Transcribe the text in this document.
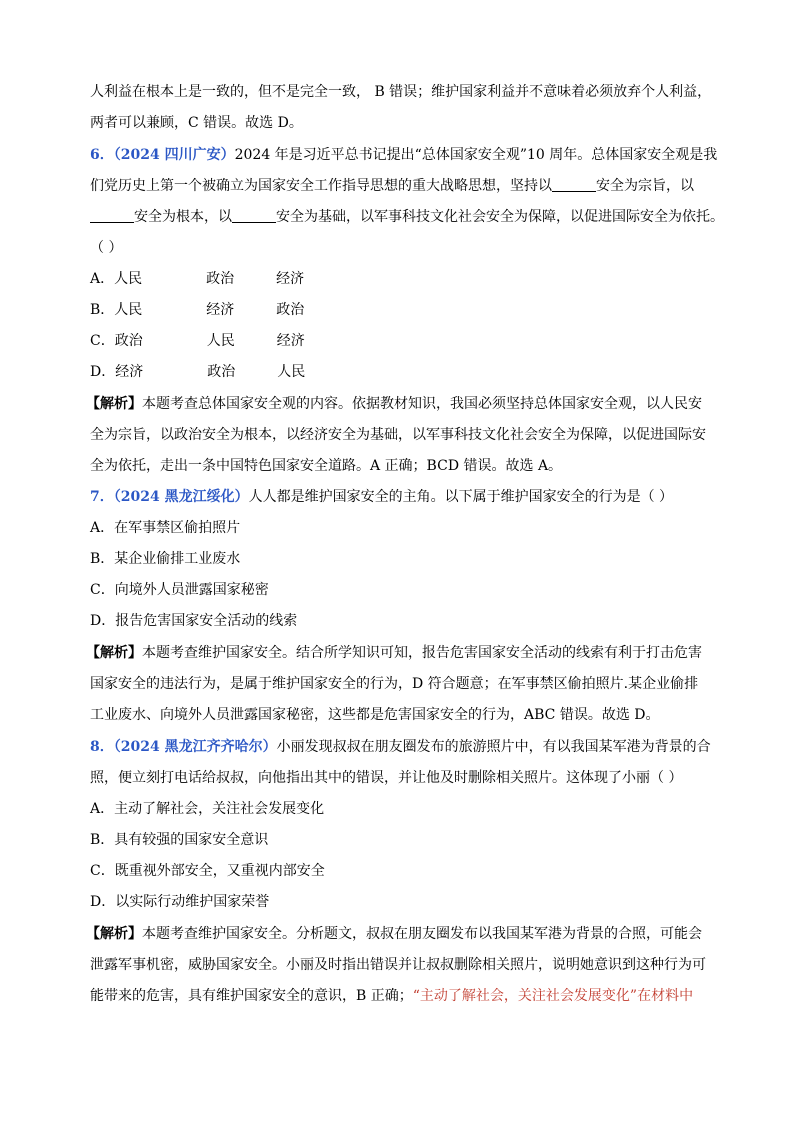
人利益在根本上是一致的，但不是完全一致， B 错误；维护国家利益并不意味着必须放弃个人利益，
两者可以兼顾，C 错误。故选 D。
6．（2024 四川广安）2024 年是习近平总书记提出“总体国家安全观”10 周年。总体国家安全观是我
们党历史上第一个被确立为国家安全工作指导思想的重大战略思想，坚持以	安全为宗旨，以
安全为根本，以	安全为基础，以军事科技文化社会安全为保障，以促进国际安全为依托。
（ ）
A．人民	政治	经济
B．人民	经济	政治
C．政治	人民	经济
D．经济	政治	人民
【解析】本题考查总体国家安全观的内容。依据教材知识，我国必须坚持总体国家安全观，以人民安
全为宗旨，以政治安全为根本，以经济安全为基础，以军事科技文化社会安全为保障，以促进国际安
全为依托，走出一条中国特色国家安全道路。A 正确；BCD 错误。故选 A。
7．（2024 黑龙江绥化）人人都是维护国家安全的主角。以下属于维护国家安全的行为是（ ）
A．在军事禁区偷拍照片
B．某企业偷排工业废水
C．向境外人员泄露国家秘密
D．报告危害国家安全活动的线索
【解析】本题考查维护国家安全。结合所学知识可知，报告危害国家安全活动的线索有利于打击危害
国家安全的违法行为，是属于维护国家安全的行为，D 符合题意；在军事禁区偷拍照片.某企业偷排
工业废水、向境外人员泄露国家秘密，这些都是危害国家安全的行为，ABC 错误。故选 D。
8．（2024 黑龙江齐齐哈尔）小丽发现叔叔在朋友圈发布的旅游照片中，有以我国某军港为背景的合
照，便立刻打电话给叔叔，向他指出其中的错误，并让他及时删除相关照片。这体现了小丽（ ）
A．主动了解社会，关注社会发展变化
B．具有较强的国家安全意识
C．既重视外部安全，又重视内部安全
D．以实际行动维护国家荣誉
【解析】本题考查维护国家安全。分析题文，叔叔在朋友圈发布以我国某军港为背景的合照，可能会
泄露军事机密，威胁国家安全。小丽及时指出错误并让叔叔删除相关照片，说明她意识到这种行为可
能带来的危害，具有维护国家安全的意识，B 正确；“主动了解社会，关注社会发展变化”在材料中
